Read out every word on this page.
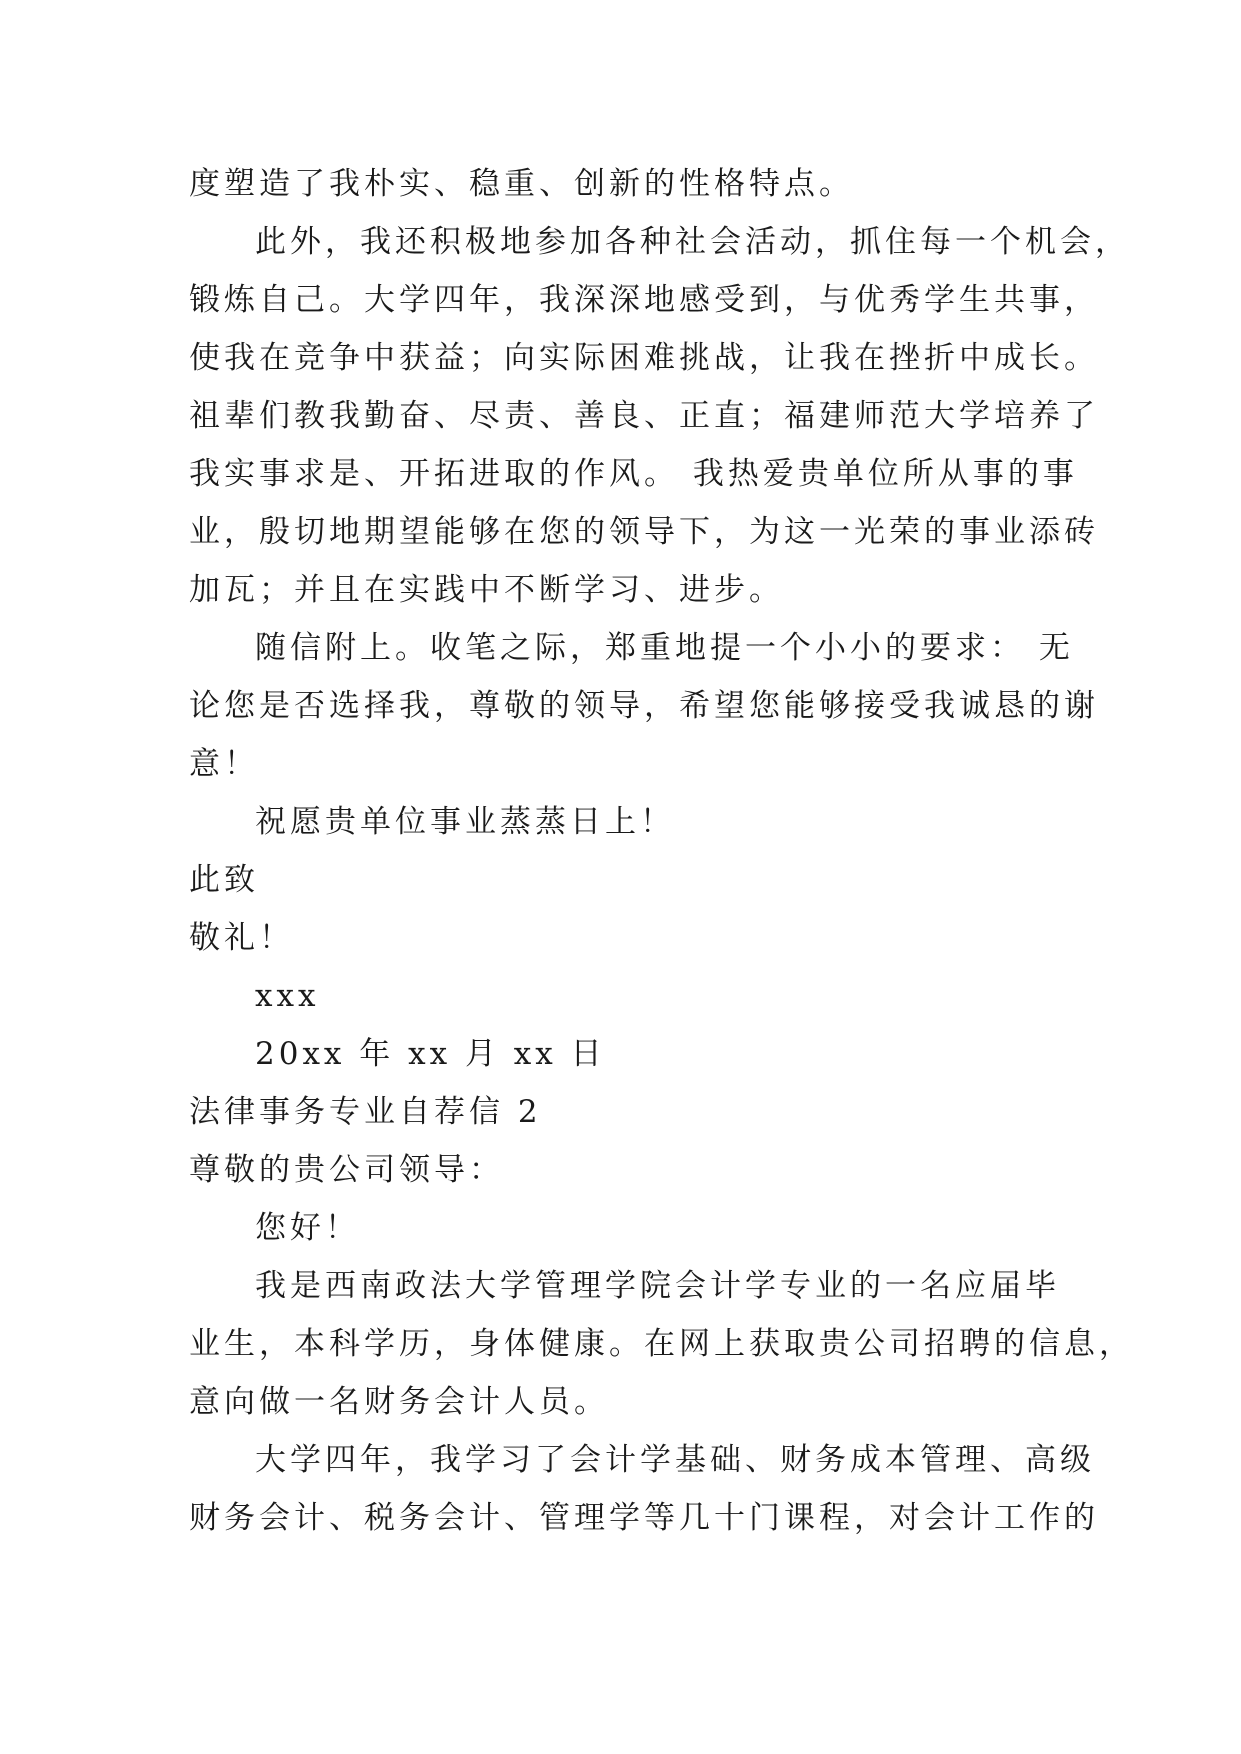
度塑造了我朴实、稳重、创新的性格特点。
此外，我还积极地参加各种社会活动，抓住每一个机会，
锻炼自己。大学四年，我深深地感受到，与优秀学生共事，
使我在竞争中获益；向实际困难挑战，让我在挫折中成长。
祖辈们教我勤奋、尽责、善良、正直；福建师范大学培养了
我实事求是、开拓进取的作风。 我热爱贵单位所从事的事
业，殷切地期望能够在您的领导下，为这一光荣的事业添砖
加瓦；并且在实践中不断学习、进步。
随信附上。收笔之际，郑重地提一个小小的要求： 无
论您是否选择我，尊敬的领导，希望您能够接受我诚恳的谢
意！
祝愿贵单位事业蒸蒸日上！
此致
敬礼！
xxx
20xx 年 xx 月 xx 日
法律事务专业自荐信 2
尊敬的贵公司领导：
您好！
我是西南政法大学管理学院会计学专业的一名应届毕
业生，本科学历，身体健康。在网上获取贵公司招聘的信息，
意向做一名财务会计人员。
大学四年，我学习了会计学基础、财务成本管理、高级
财务会计、税务会计、管理学等几十门课程，对会计工作的
